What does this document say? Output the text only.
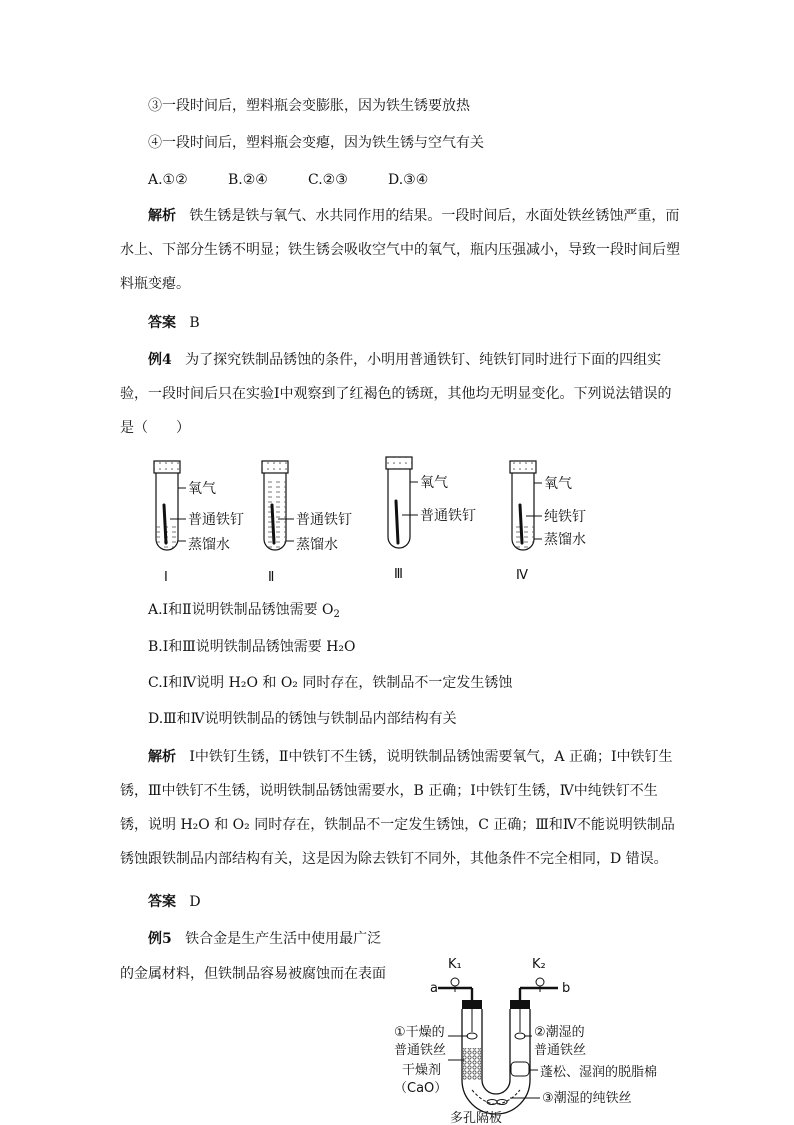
③一段时间后，塑料瓶会变膨胀，因为铁生锈要放热
④一段时间后，塑料瓶会变瘪，因为铁生锈与空气有关
A.①②	B.②④	C.②③	D.③④
解析 铁生锈是铁与氧气、水共同作用的结果。一段时间后，水面处铁丝锈蚀严重，而水上、下部分生锈不明显；铁生锈会吸收空气中的氧气，瓶内压强减小，导致一段时间后塑料瓶变瘪。
答案 B
例4 为了探究铁制品锈蚀的条件，小明用普通铁钉、纯铁钉同时进行下面的四组实验，一段时间后只在实验Ⅰ中观察到了红褐色的锈斑，其他均无明显变化。下列说法错误的是（　　）
氧气
普通铁钉
蒸馏水
Ⅰ
普通铁钉
蒸馏水
Ⅱ
氧气
普通铁钉
Ⅲ
氧气
纯铁钉
蒸馏水
Ⅳ
A.Ⅰ和Ⅱ说明铁制品锈蚀需要 $O_2$
B.Ⅰ和Ⅲ说明铁制品锈蚀需要 H₂O
C.Ⅰ和Ⅳ说明 H₂O 和 O₂ 同时存在，铁制品不一定发生锈蚀
D.Ⅲ和Ⅳ说明铁制品的锈蚀与铁制品内部结构有关
解析 Ⅰ中铁钉生锈，Ⅱ中铁钉不生锈，说明铁制品锈蚀需要氧气，A 正确；Ⅰ中铁钉生锈，Ⅲ中铁钉不生锈，说明铁制品锈蚀需要水，B 正确；Ⅰ中铁钉生锈，Ⅳ中纯铁钉不生锈，说明 H₂O 和 O₂ 同时存在，铁制品不一定发生锈蚀，C 正确；Ⅲ和Ⅳ不能说明铁制品锈蚀跟铁制品内部结构有关，这是因为除去铁钉不同外，其他条件不完全相同，D 错误。
答案 D
例5 铁合金是生产生活中使用最广泛
的金属材料，但铁制品容易被腐蚀而在表面
K₁	K₂
a	b
①干燥的
普通铁丝
干燥剂
（CaO）
②潮湿的
普通铁丝
蓬松、湿润的脱脂棉
③潮湿的纯铁丝
多孔隔板
